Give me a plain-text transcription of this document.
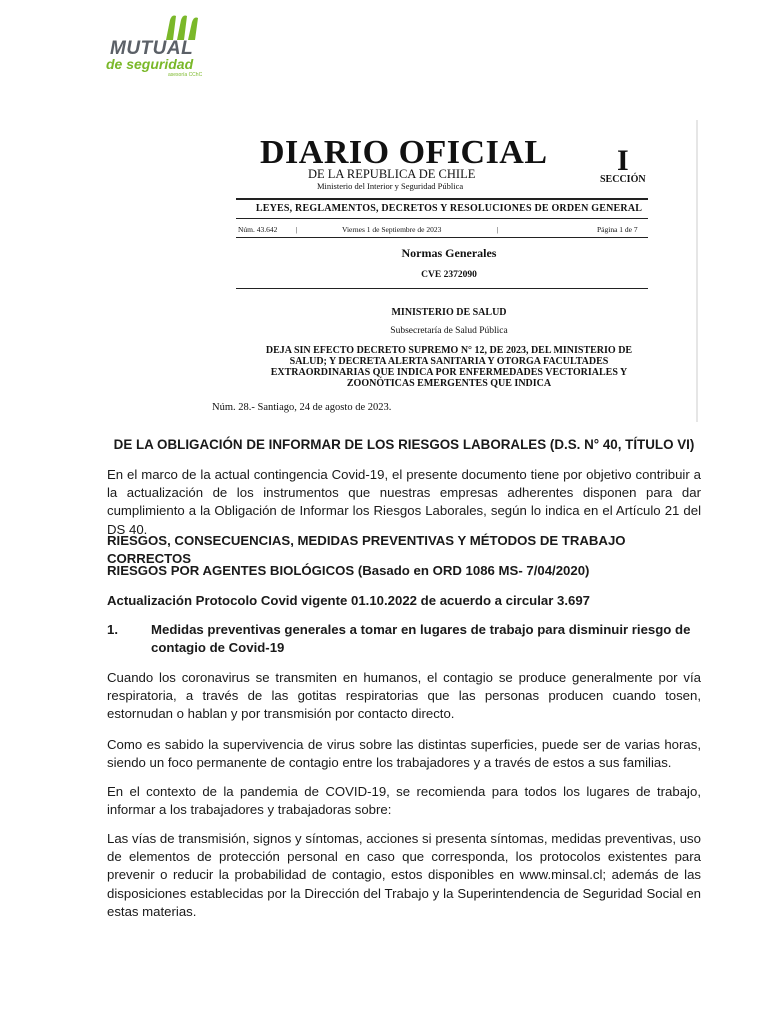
MUTUAL
de seguridad
asesoría CChC
DIARIO OFICIAL
DE LA REPUBLICA DE CHILE
Ministerio del Interior y Seguridad Pública
I
SECCIÓN
LEYES, REGLAMENTOS, DECRETOS Y RESOLUCIONES DE ORDEN GENERAL
Núm. 43.642 |	Viernes 1 de Septiembre de 2023	|	Página 1 de 7
Normas Generales
CVE 2372090
MINISTERIO DE SALUD
Subsecretaría de Salud Pública
DEJA SIN EFECTO DECRETO SUPREMO N° 12, DE 2023, DEL MINISTERIO DE
SALUD; Y DECRETA ALERTA SANITARIA Y OTORGA FACULTADES
EXTRAORDINARIAS QUE INDICA POR ENFERMEDADES VECTORIALES Y
ZOONÓTICAS EMERGENTES QUE INDICA
Núm. 28.- Santiago, 24 de agosto de 2023.
DE LA OBLIGACIÓN DE INFORMAR DE LOS RIESGOS LABORALES (D.S. N° 40, TÍTULO VI)
En el marco de la actual contingencia Covid-19, el presente documento tiene por objetivo contribuir a la actualización de los instrumentos que nuestras empresas adherentes disponen para dar cumplimiento a la Obligación de Informar los Riesgos Laborales, según lo indica en el Artículo 21 del DS 40.
RIESGOS, CONSECUENCIAS, MEDIDAS PREVENTIVAS Y MÉTODOS DE TRABAJO CORRECTOS
RIESGOS POR AGENTES BIOLÓGICOS (Basado en ORD 1086 MS- 7/04/2020)
Actualización Protocolo Covid vigente 01.10.2022 de acuerdo a circular 3.697
1.	Medidas preventivas generales a tomar en lugares de trabajo para disminuir riesgo de contagio de Covid-19
Cuando los coronavirus se transmiten en humanos, el contagio se produce generalmente por vía respiratoria, a través de las gotitas respiratorias que las personas producen cuando tosen, estornudan o hablan y por transmisión por contacto directo.
Como es sabido la supervivencia de virus sobre las distintas superficies, puede ser de varias horas, siendo un foco permanente de contagio entre los trabajadores y a través de estos a sus familias.
En el contexto de la pandemia de COVID-19, se recomienda para todos los lugares de trabajo, informar a los trabajadores y trabajadoras sobre:
Las vías de transmisión, signos y síntomas, acciones si presenta síntomas, medidas preventivas, uso de elementos de protección personal en caso que corresponda, los protocolos existentes para prevenir o reducir la probabilidad de contagio, estos disponibles en www.minsal.cl; además de las disposiciones establecidas por la Dirección del Trabajo y la Superintendencia de Seguridad Social en estas materias.
